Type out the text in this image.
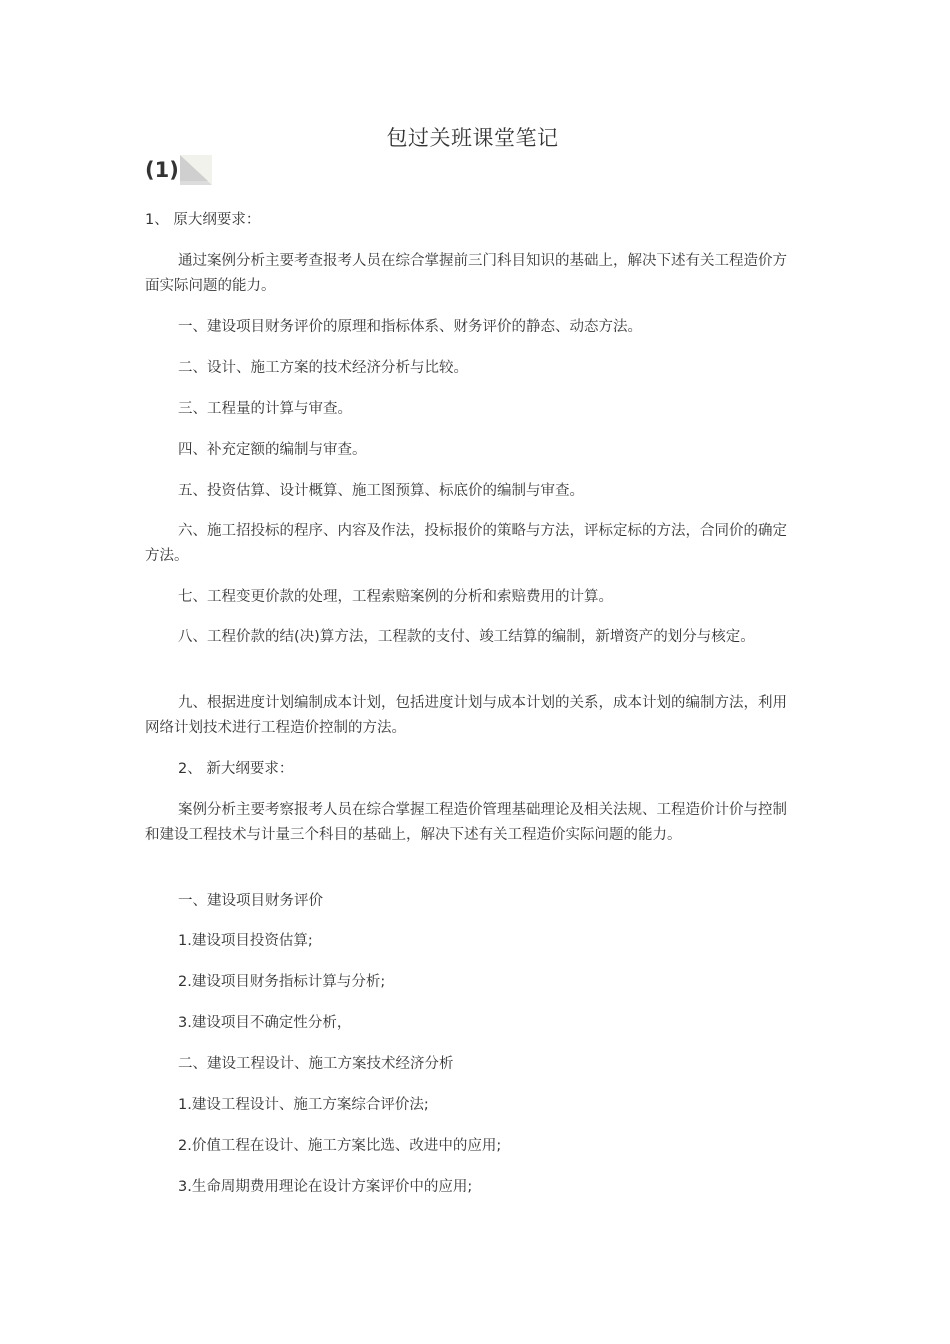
包过关班课堂笔记
(1)

1、 原大纲要求：

通过案例分析主要考查报考人员在综合掌握前三门科目知识的基础上，解决下述有关工程造价方面实际问题的能力。

一、建设项目财务评价的原理和指标体系、财务评价的静态、动态方法。

二、设计、施工方案的技术经济分析与比较。

三、工程量的计算与审查。

四、补充定额的编制与审查。

五、投资估算、设计概算、施工图预算、标底价的编制与审查。

六、施工招投标的程序、内容及作法，投标报价的策略与方法，评标定标的方法，合同价的确定方法。

七、工程变更价款的处理，工程索赔案例的分析和索赔费用的计算。

八、工程价款的结(决)算方法，工程款的支付、竣工结算的编制，新增资产的划分与核定。

九、根据进度计划编制成本计划，包括进度计划与成本计划的关系，成本计划的编制方法，利用网络计划技术进行工程造价控制的方法。

2、 新大纲要求：

案例分析主要考察报考人员在综合掌握工程造价管理基础理论及相关法规、工程造价计价与控制和建设工程技术与计量三个科目的基础上，解决下述有关工程造价实际问题的能力。

一、建设项目财务评价

1.建设项目投资估算;

2.建设项目财务指标计算与分析;

3.建设项目不确定性分析，

二、建设工程设计、施工方案技术经济分析

1.建设工程设计、施工方案综合评价法;

2.价值工程在设计、施工方案比选、改进中的应用;

3.生命周期费用理论在设计方案评价中的应用;
